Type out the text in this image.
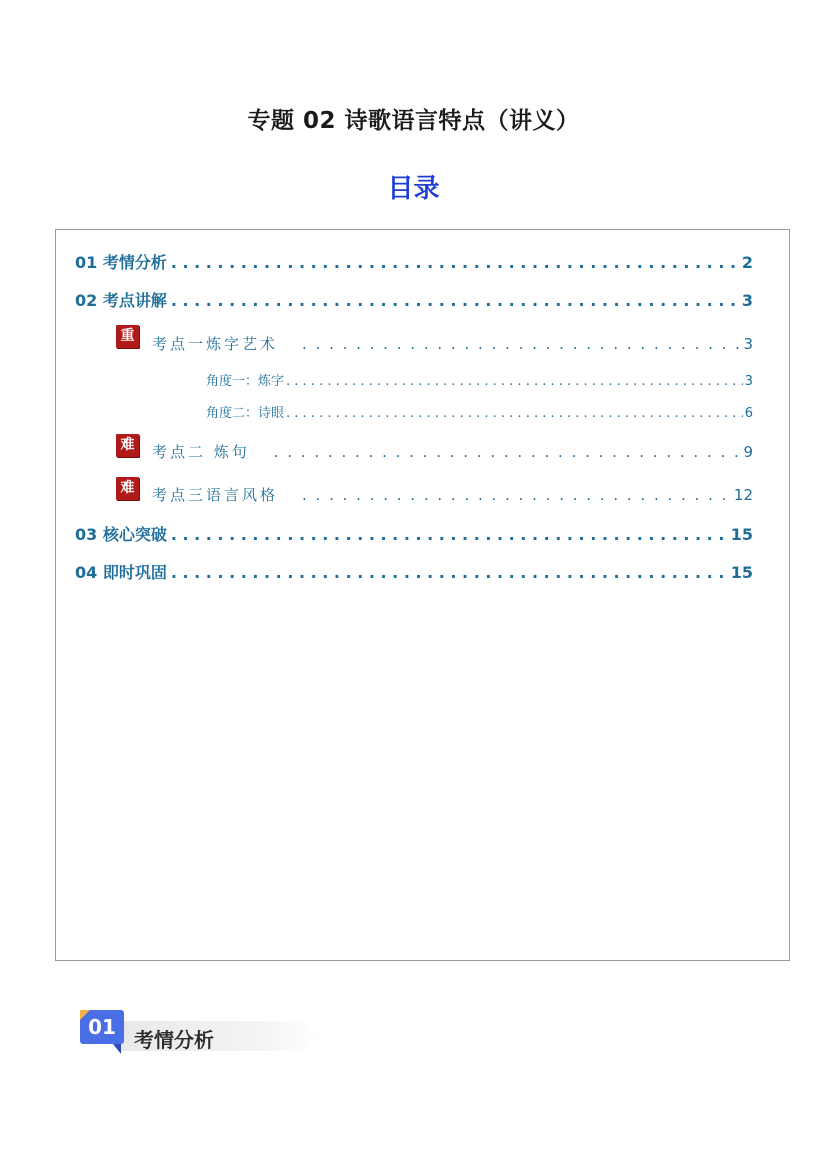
专题 02 诗歌语言特点（讲义）
目录
01 考情分析 . . .	2
02 考点讲解 . . .	3
重	考点一炼字艺术 . . .	3
角度一：炼字 . . .	3
角度二：诗眼 . . .	6
难	考点二 炼句 . . .	9
难	考点三语言风格 . . .	12
03 核心突破 . . .	15
04 即时巩固 . . .	15
01
考情分析
